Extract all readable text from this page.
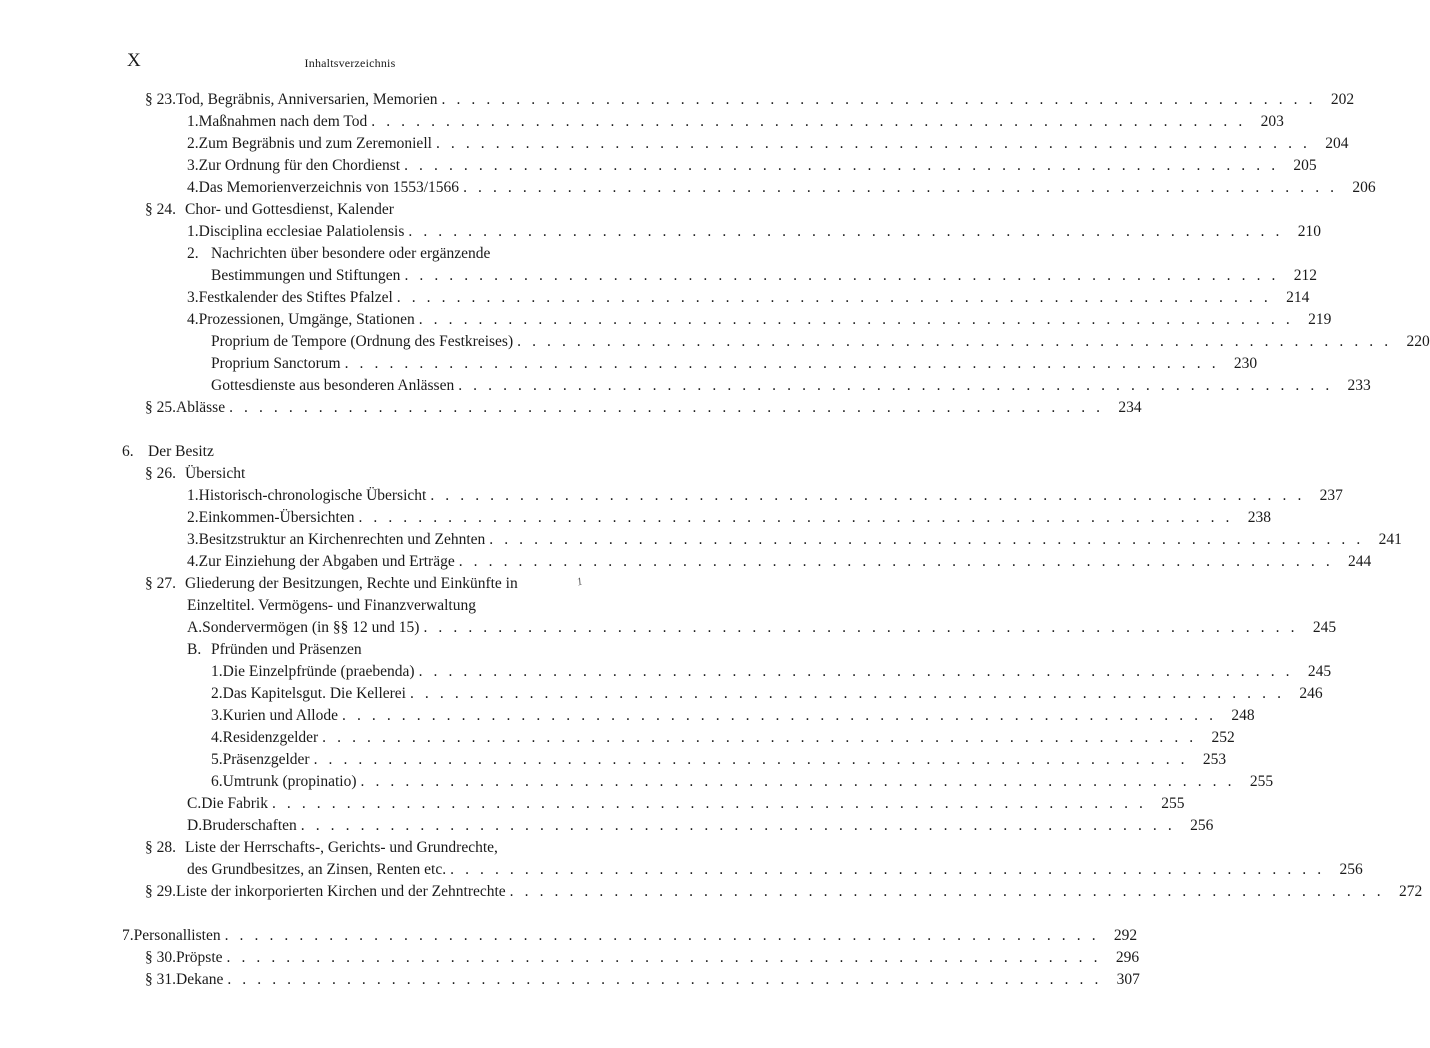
X	Inhaltsverzeichnis
§ 23. Tod, Begräbnis, Anniversarien, Memorien . . . . . . . . . . . . . . . . . . . . . . . . . . . . . . . . . . . . . . . . . . . . . . . . . . . . . . . . . . . 202
1. Maßnahmen nach dem Tod . . . . . . . . . . . . . . . . . . . . . . . . . . . . . . . . . . . . . . . . . . . . . . . . . . . . . . . . . . . 203
2. Zum Begräbnis und zum Zeremoniell . . . . . . . . . . . . . . . . . . . . . . . . . . . . . . . . . . . . . . . . . . . . . . . . . . . . . . . . . . . 204
3. Zur Ordnung für den Chordienst . . . . . . . . . . . . . . . . . . . . . . . . . . . . . . . . . . . . . . . . . . . . . . . . . . . . . . . . . . . 205
4. Das Memorienverzeichnis von 1553/1566 . . . . . . . . . . . . . . . . . . . . . . . . . . . . . . . . . . . . . . . . . . . . . . . . . . . . . . . . . . . 206
§ 24. Chor- und Gottesdienst, Kalender
1. Disciplina ecclesiae Palatiolensis . . . . . . . . . . . . . . . . . . . . . . . . . . . . . . . . . . . . . . . . . . . . . . . . . . . . . . . . . . . 210
2. Nachrichten über besondere oder ergänzende
Bestimmungen und Stiftungen . . . . . . . . . . . . . . . . . . . . . . . . . . . . . . . . . . . . . . . . . . . . . . . . . . . . . . . . . . . 212
3. Festkalender des Stiftes Pfalzel . . . . . . . . . . . . . . . . . . . . . . . . . . . . . . . . . . . . . . . . . . . . . . . . . . . . . . . . . . . 214
4. Prozessionen, Umgänge, Stationen . . . . . . . . . . . . . . . . . . . . . . . . . . . . . . . . . . . . . . . . . . . . . . . . . . . . . . . . . . . 219
Proprium de Tempore (Ordnung des Festkreises) . . . . . . . . . . . . . . . . . . . . . . . . . . . . . . . . . . . . . . . . . . . . . . . . . . . . . . . . . . . 220
Proprium Sanctorum . . . . . . . . . . . . . . . . . . . . . . . . . . . . . . . . . . . . . . . . . . . . . . . . . . . . . . . . . . . 230
Gottesdienste aus besonderen Anlässen . . . . . . . . . . . . . . . . . . . . . . . . . . . . . . . . . . . . . . . . . . . . . . . . . . . . . . . . . . . 233
§ 25. Ablässe . . . . . . . . . . . . . . . . . . . . . . . . . . . . . . . . . . . . . . . . . . . . . . . . . . . . . . . . . . . 234
6. Der Besitz
§ 26. Übersicht
1. Historisch-chronologische Übersicht . . . . . . . . . . . . . . . . . . . . . . . . . . . . . . . . . . . . . . . . . . . . . . . . . . . . . . . . . . . 237
2. Einkommen-Übersichten . . . . . . . . . . . . . . . . . . . . . . . . . . . . . . . . . . . . . . . . . . . . . . . . . . . . . . . . . . . 238
3. Besitzstruktur an Kirchenrechten und Zehnten . . . . . . . . . . . . . . . . . . . . . . . . . . . . . . . . . . . . . . . . . . . . . . . . . . . . . . . . . . . 241
4. Zur Einziehung der Abgaben und Erträge . . . . . . . . . . . . . . . . . . . . . . . . . . . . . . . . . . . . . . . . . . . . . . . . . . . . . . . . . . . 244
§ 27. Gliederung der Besitzungen, Rechte und Einkünfte in
Einzeltitel. Vermögens- und Finanzverwaltung
1
A. Sondervermögen (in §§ 12 und 15) . . . . . . . . . . . . . . . . . . . . . . . . . . . . . . . . . . . . . . . . . . . . . . . . . . . . . . . . . . . 245
B. Pfründen und Präsenzen
1. Die Einzelpfründe (praebenda) . . . . . . . . . . . . . . . . . . . . . . . . . . . . . . . . . . . . . . . . . . . . . . . . . . . . . . . . . . . 245
2. Das Kapitelsgut. Die Kellerei . . . . . . . . . . . . . . . . . . . . . . . . . . . . . . . . . . . . . . . . . . . . . . . . . . . . . . . . . . . 246
3. Kurien und Allode . . . . . . . . . . . . . . . . . . . . . . . . . . . . . . . . . . . . . . . . . . . . . . . . . . . . . . . . . . . 248
4. Residenzgelder . . . . . . . . . . . . . . . . . . . . . . . . . . . . . . . . . . . . . . . . . . . . . . . . . . . . . . . . . . . 252
5. Präsenzgelder . . . . . . . . . . . . . . . . . . . . . . . . . . . . . . . . . . . . . . . . . . . . . . . . . . . . . . . . . . . 253
6. Umtrunk (propinatio) . . . . . . . . . . . . . . . . . . . . . . . . . . . . . . . . . . . . . . . . . . . . . . . . . . . . . . . . . . . 255
C. Die Fabrik . . . . . . . . . . . . . . . . . . . . . . . . . . . . . . . . . . . . . . . . . . . . . . . . . . . . . . . . . . . 255
D. Bruderschaften . . . . . . . . . . . . . . . . . . . . . . . . . . . . . . . . . . . . . . . . . . . . . . . . . . . . . . . . . . . 256
§ 28. Liste der Herrschafts-, Gerichts- und Grundrechte,
des Grundbesitzes, an Zinsen, Renten etc. . . . . . . . . . . . . . . . . . . . . . . . . . . . . . . . . . . . . . . . . . . . . . . . . . . . . . . . . . . . 256
§ 29. Liste der inkorporierten Kirchen und der Zehntrechte . . . . . . . . . . . . . . . . . . . . . . . . . . . . . . . . . . . . . . . . . . . . . . . . . . . . . . . . . . . 272
7. Personallisten . . . . . . . . . . . . . . . . . . . . . . . . . . . . . . . . . . . . . . . . . . . . . . . . . . . . . . . . . . . 292
§ 30. Pröpste . . . . . . . . . . . . . . . . . . . . . . . . . . . . . . . . . . . . . . . . . . . . . . . . . . . . . . . . . . . 296
§ 31. Dekane . . . . . . . . . . . . . . . . . . . . . . . . . . . . . . . . . . . . . . . . . . . . . . . . . . . . . . . . . . . 307
